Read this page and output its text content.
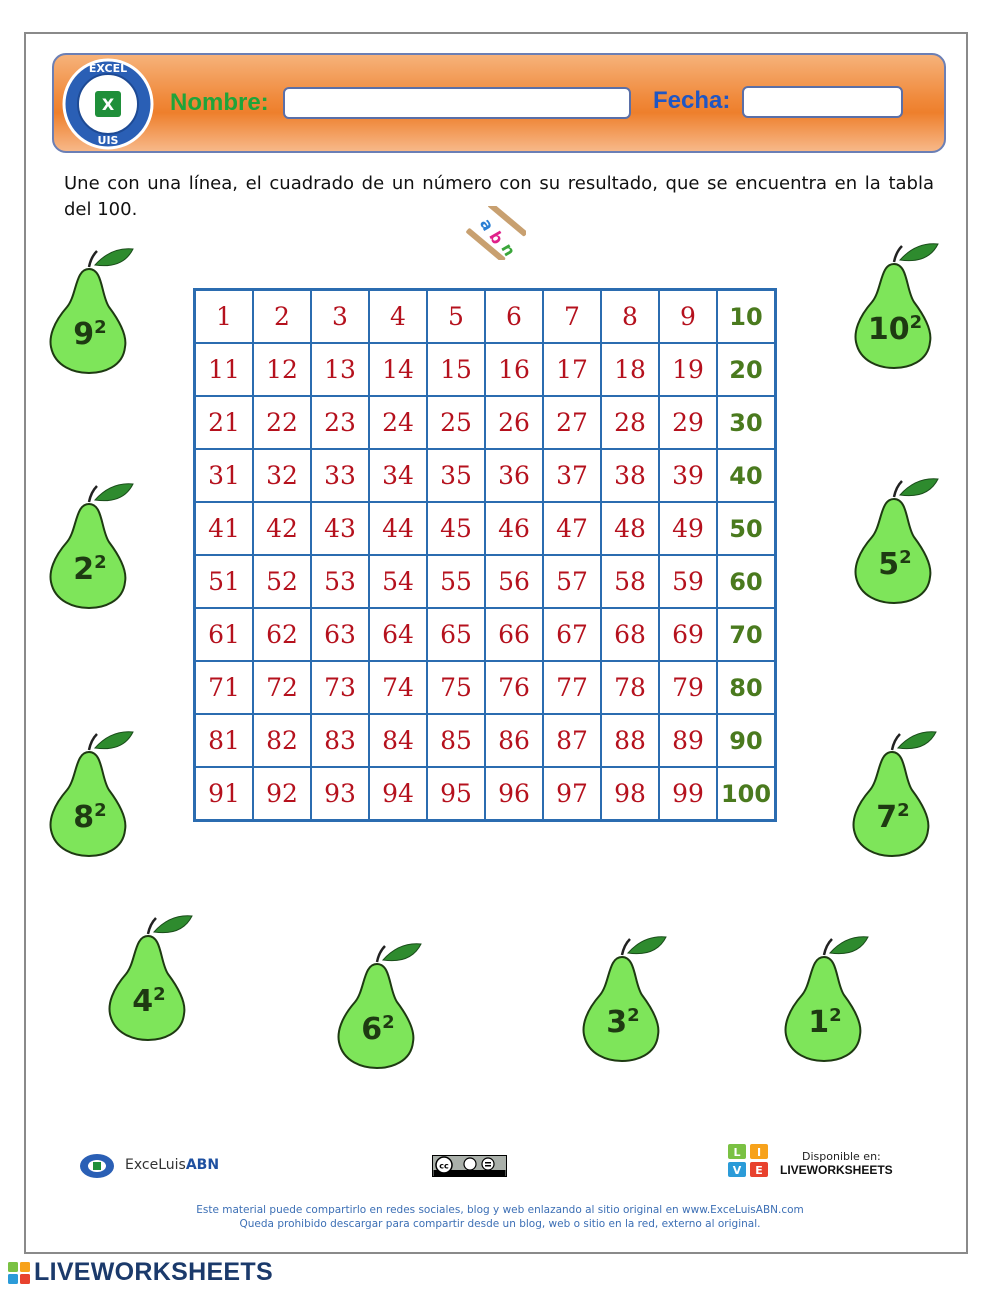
X
EXCEL
UIS
Nombre:	Fecha:
Une con una línea, el cuadrado de un número con su resultado, que se encuentra en la tabla del 100.
a
b
n
1	2	3	4	5	6	7	8	9	10
11	12	13	14	15	16	17	18	19	20
21	22	23	24	25	26	27	28	29	30
31	32	33	34	35	36	37	38	39	40
41	42	43	44	45	46	47	48	49	50
51	52	53	54	55	56	57	58	59	60
61	62	63	64	65	66	67	68	69	70
71	72	73	74	75	76	77	78	79	80
81	82	83	84	85	86	87	88	89	90
91	92	93	94	95	96	97	98	99	100
$9^2$	$10^2$
$2^2$	$5^2$
$8^2$	$7^2$
$4^2$
$6^2$	$3^2$	$1^2$
ExceLuisABN	cc
L I
V E
Disponible en:
LIVEWORKSHEETS
Este material puede compartirlo en redes sociales, blog y web enlazando al sitio original en www.ExceLuisABN.com
Queda prohibido descargar para compartir desde un blog, web o sitio en la red, externo al original.
LIVEWORKSHEETS
